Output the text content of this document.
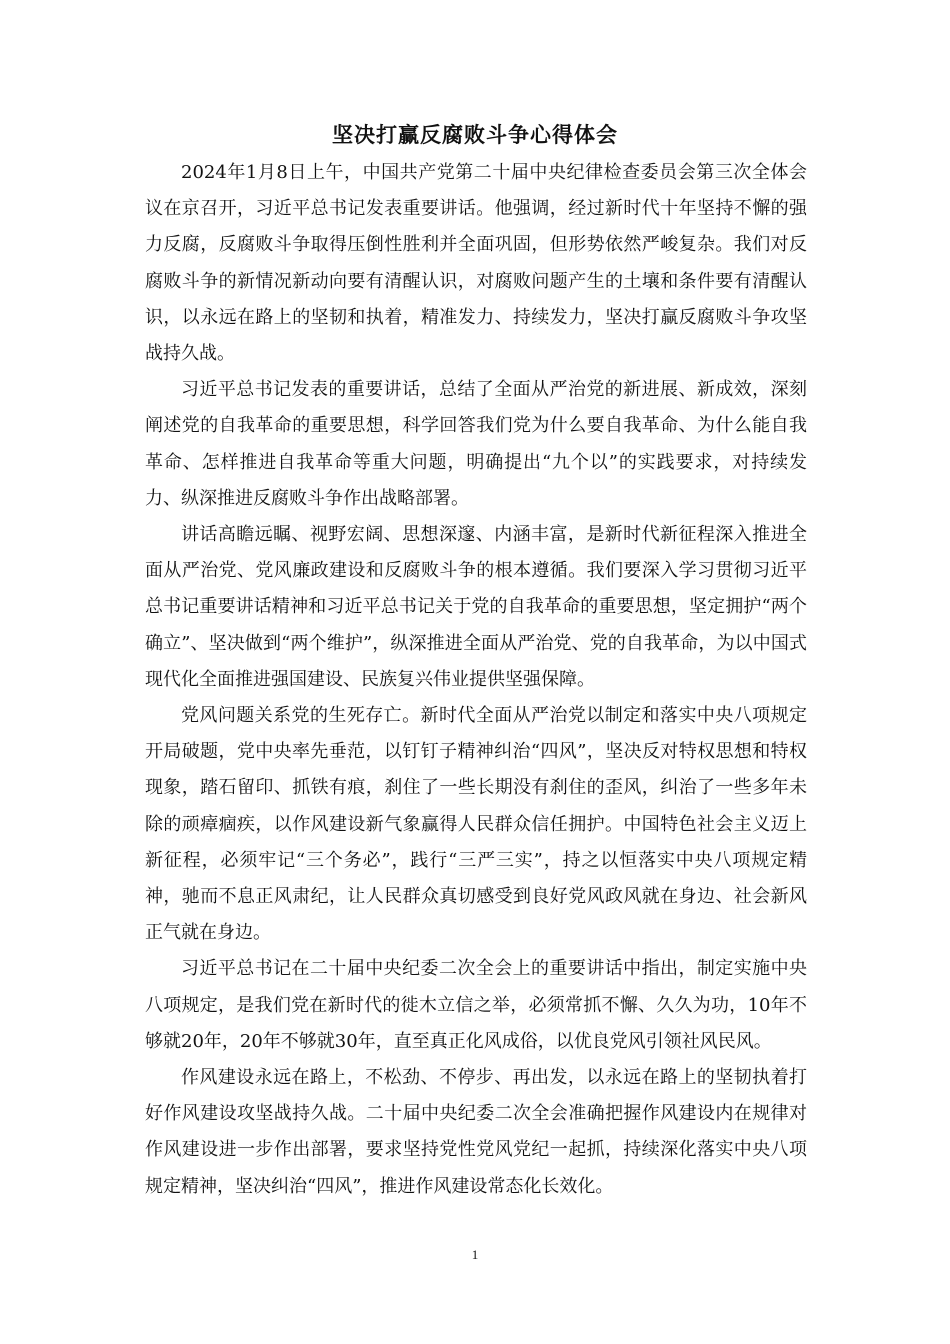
坚决打赢反腐败斗争心得体会

2024年1月8日上午，中国共产党第二十届中央纪律检查委员会第三次全体会议在京召开，习近平总书记发表重要讲话。他强调，经过新时代十年坚持不懈的强力反腐，反腐败斗争取得压倒性胜利并全面巩固，但形势依然严峻复杂。我们对反腐败斗争的新情况新动向要有清醒认识，对腐败问题产生的土壤和条件要有清醒认识，以永远在路上的坚韧和执着，精准发力、持续发力，坚决打赢反腐败斗争攻坚战持久战。

习近平总书记发表的重要讲话，总结了全面从严治党的新进展、新成效，深刻阐述党的自我革命的重要思想，科学回答我们党为什么要自我革命、为什么能自我革命、怎样推进自我革命等重大问题，明确提出“九个以”的实践要求，对持续发力、纵深推进反腐败斗争作出战略部署。

讲话高瞻远瞩、视野宏阔、思想深邃、内涵丰富，是新时代新征程深入推进全面从严治党、党风廉政建设和反腐败斗争的根本遵循。我们要深入学习贯彻习近平总书记重要讲话精神和习近平总书记关于党的自我革命的重要思想，坚定拥护“两个确立”、坚决做到“两个维护”，纵深推进全面从严治党、党的自我革命，为以中国式现代化全面推进强国建设、民族复兴伟业提供坚强保障。

党风问题关系党的生死存亡。新时代全面从严治党以制定和落实中央八项规定开局破题，党中央率先垂范，以钉钉子精神纠治“四风”，坚决反对特权思想和特权现象，踏石留印、抓铁有痕，刹住了一些长期没有刹住的歪风，纠治了一些多年未除的顽瘴痼疾，以作风建设新气象赢得人民群众信任拥护。中国特色社会主义迈上新征程，必须牢记“三个务必”，践行“三严三实”，持之以恒落实中央八项规定精神，驰而不息正风肃纪，让人民群众真切感受到良好党风政风就在身边、社会新风正气就在身边。

习近平总书记在二十届中央纪委二次全会上的重要讲话中指出，制定实施中央八项规定，是我们党在新时代的徙木立信之举，必须常抓不懈、久久为功，10年不够就20年，20年不够就30年，直至真正化风成俗，以优良党风引领社风民风。

作风建设永远在路上，不松劲、不停步、再出发，以永远在路上的坚韧执着打好作风建设攻坚战持久战。二十届中央纪委二次全会准确把握作风建设内在规律对作风建设进一步作出部署，要求坚持党性党风党纪一起抓，持续深化落实中央八项规定精神，坚决纠治“四风”，推进作风建设常态化长效化。

1
